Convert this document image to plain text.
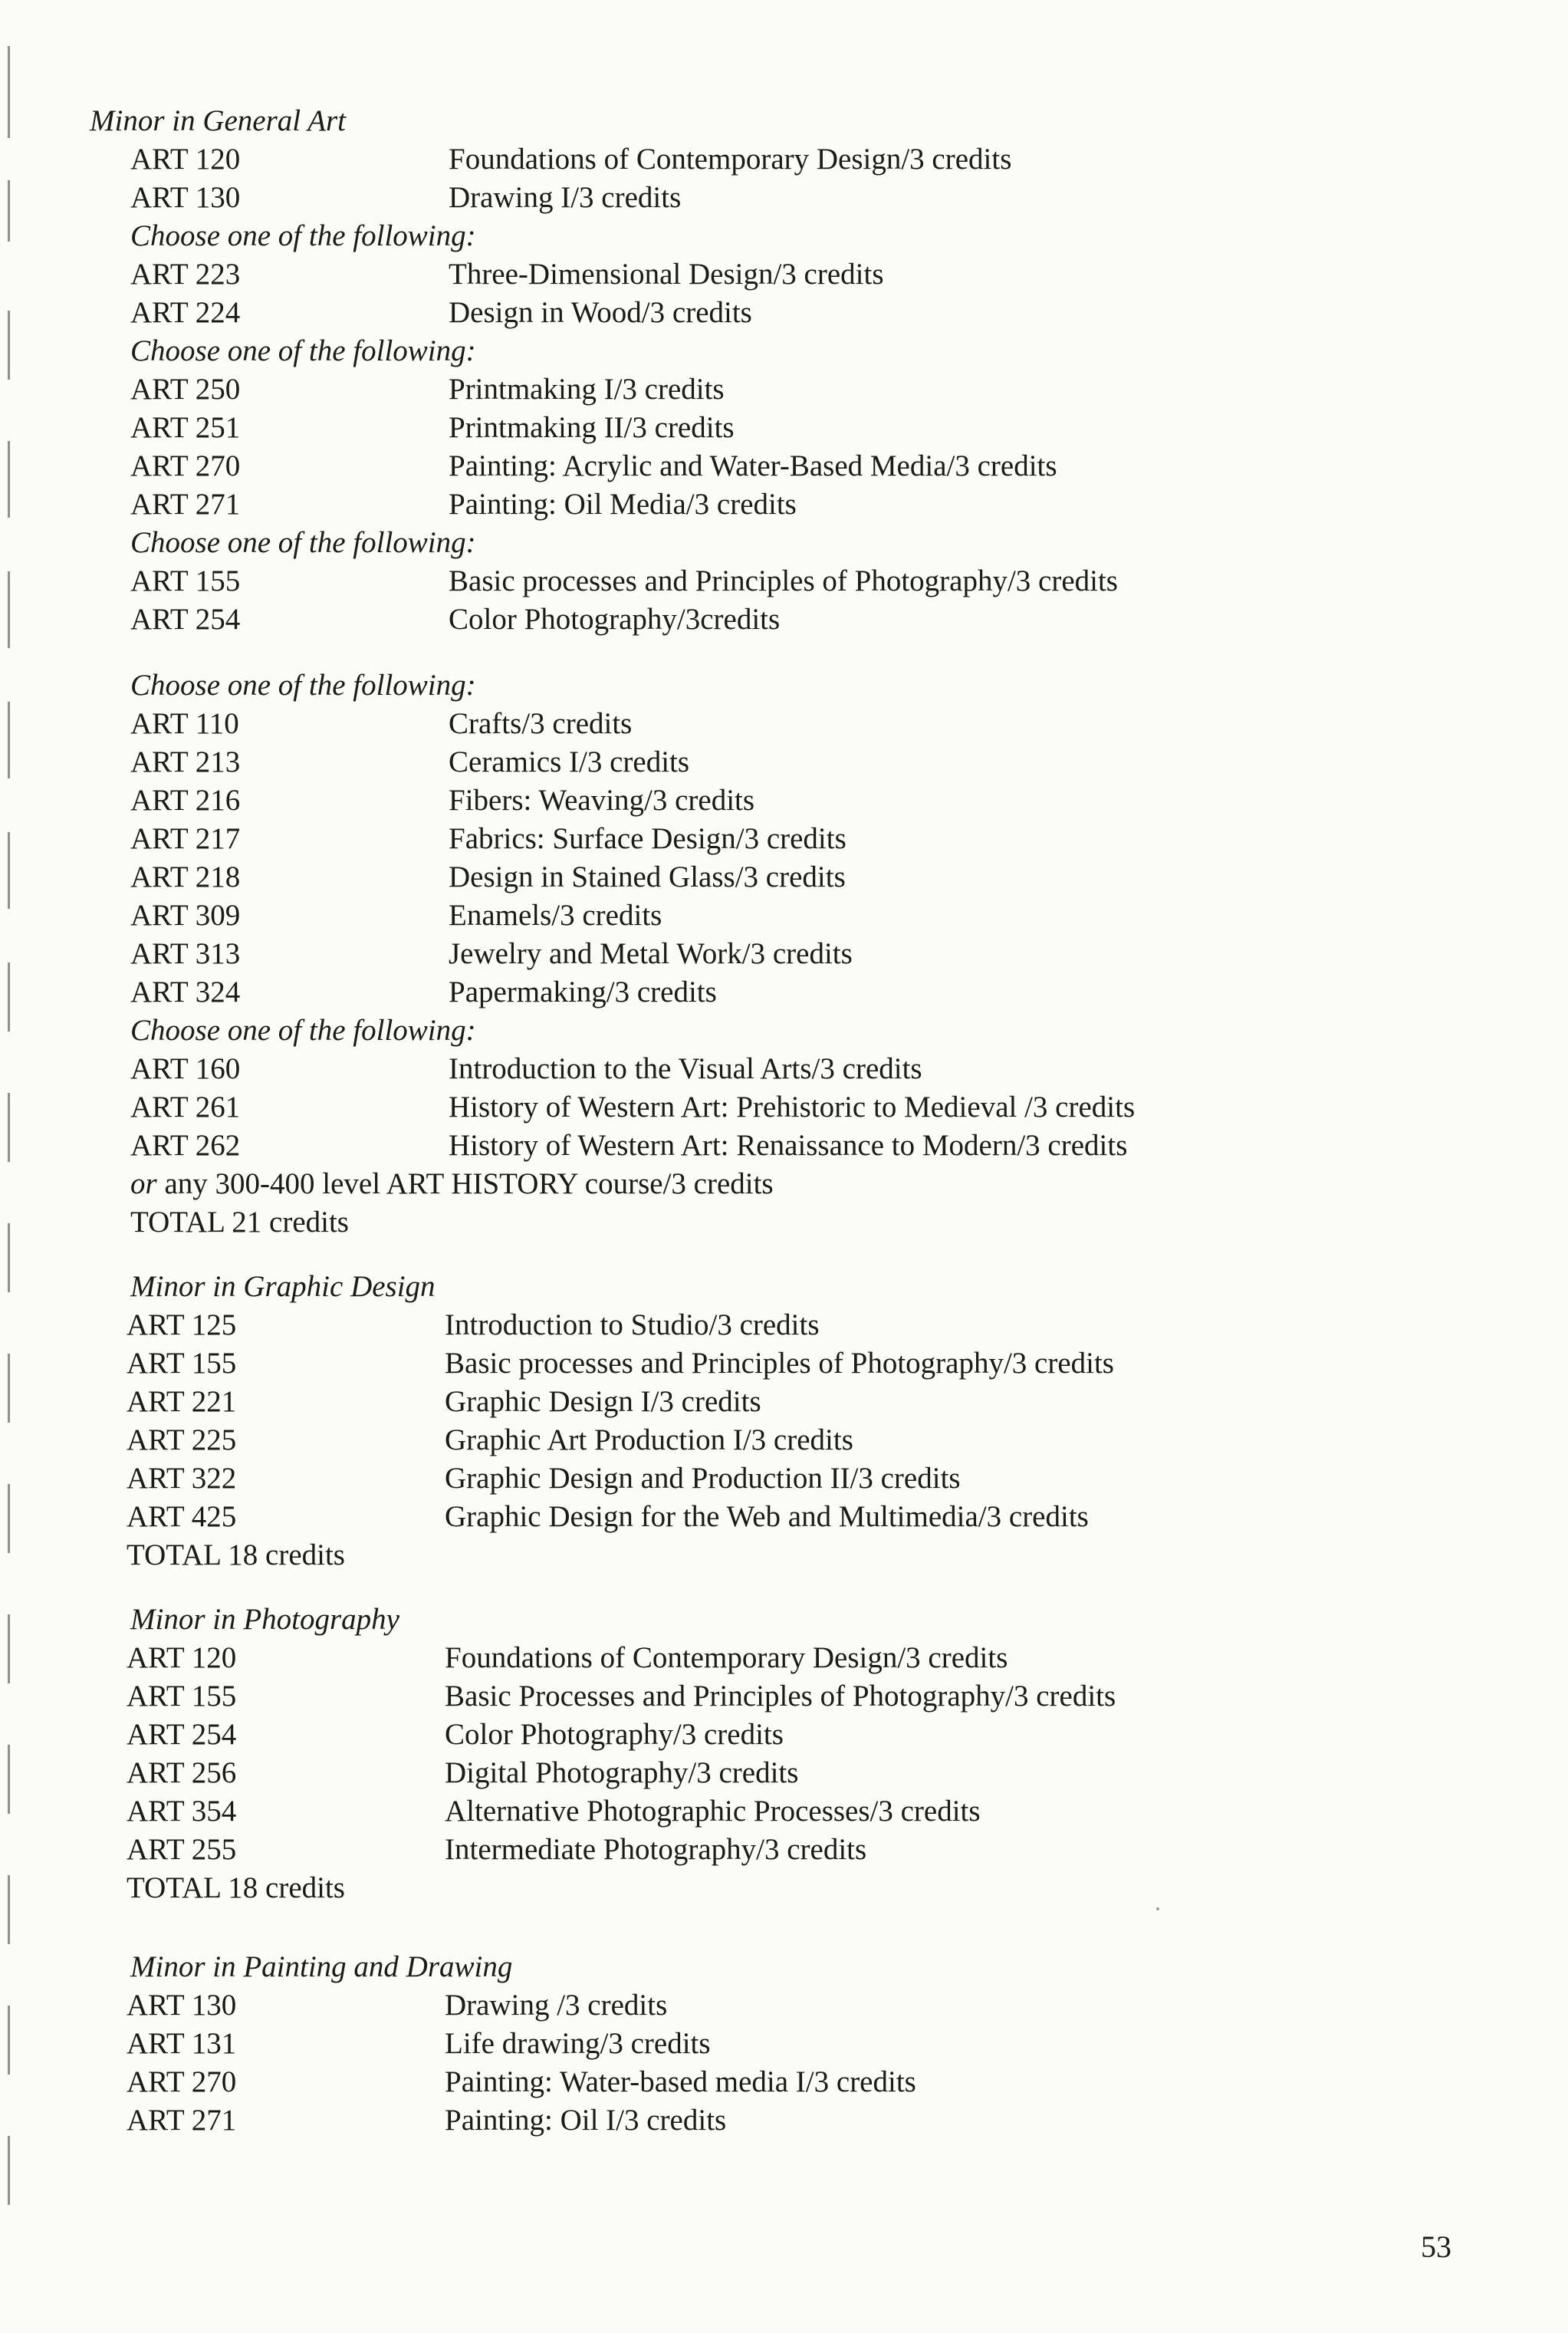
Minor in General Art
ART 120	Foundations of Contemporary Design/3 credits
ART 130	Drawing I/3 credits
Choose one of the following:
ART 223	Three-Dimensional Design/3 credits
ART 224	Design in Wood/3 credits
Choose one of the following:
ART 250	Printmaking I/3 credits
ART 251	Printmaking II/3 credits
ART 270	Painting: Acrylic and Water-Based Media/3 credits
ART 271	Painting: Oil Media/3 credits
Choose one of the following:
ART 155	Basic processes and Principles of Photography/3 credits
ART 254	Color Photography/3credits
Choose one of the following:
ART 110	Crafts/3 credits
ART 213	Ceramics I/3 credits
ART 216	Fibers: Weaving/3 credits
ART 217	Fabrics: Surface Design/3 credits
ART 218	Design in Stained Glass/3 credits
ART 309	Enamels/3 credits
ART 313	Jewelry and Metal Work/3 credits
ART 324	Papermaking/3 credits
Choose one of the following:
ART 160	Introduction to the Visual Arts/3 credits
ART 261	History of Western Art: Prehistoric to Medieval /3 credits
ART 262	History of Western Art: Renaissance to Modern/3 credits
or any 300-400 level ART HISTORY course/3 credits
TOTAL 21 credits
Minor in Graphic Design
ART 125	Introduction to Studio/3 credits
ART 155	Basic processes and Principles of Photography/3 credits
ART 221	Graphic Design I/3 credits
ART 225	Graphic Art Production I/3 credits
ART 322	Graphic Design and Production II/3 credits
ART 425	Graphic Design for the Web and Multimedia/3 credits
TOTAL 18 credits
Minor in Photography
ART 120	Foundations of Contemporary Design/3 credits
ART 155	Basic Processes and Principles of Photography/3 credits
ART 254	Color Photography/3 credits
ART 256	Digital Photography/3 credits
ART 354	Alternative Photographic Processes/3 credits
ART 255	Intermediate Photography/3 credits
TOTAL 18 credits
Minor in Painting and Drawing
ART 130	Drawing /3 credits
ART 131	Life drawing/3 credits
ART 270	Painting: Water-based media I/3 credits
ART 271	Painting: Oil I/3 credits
53
